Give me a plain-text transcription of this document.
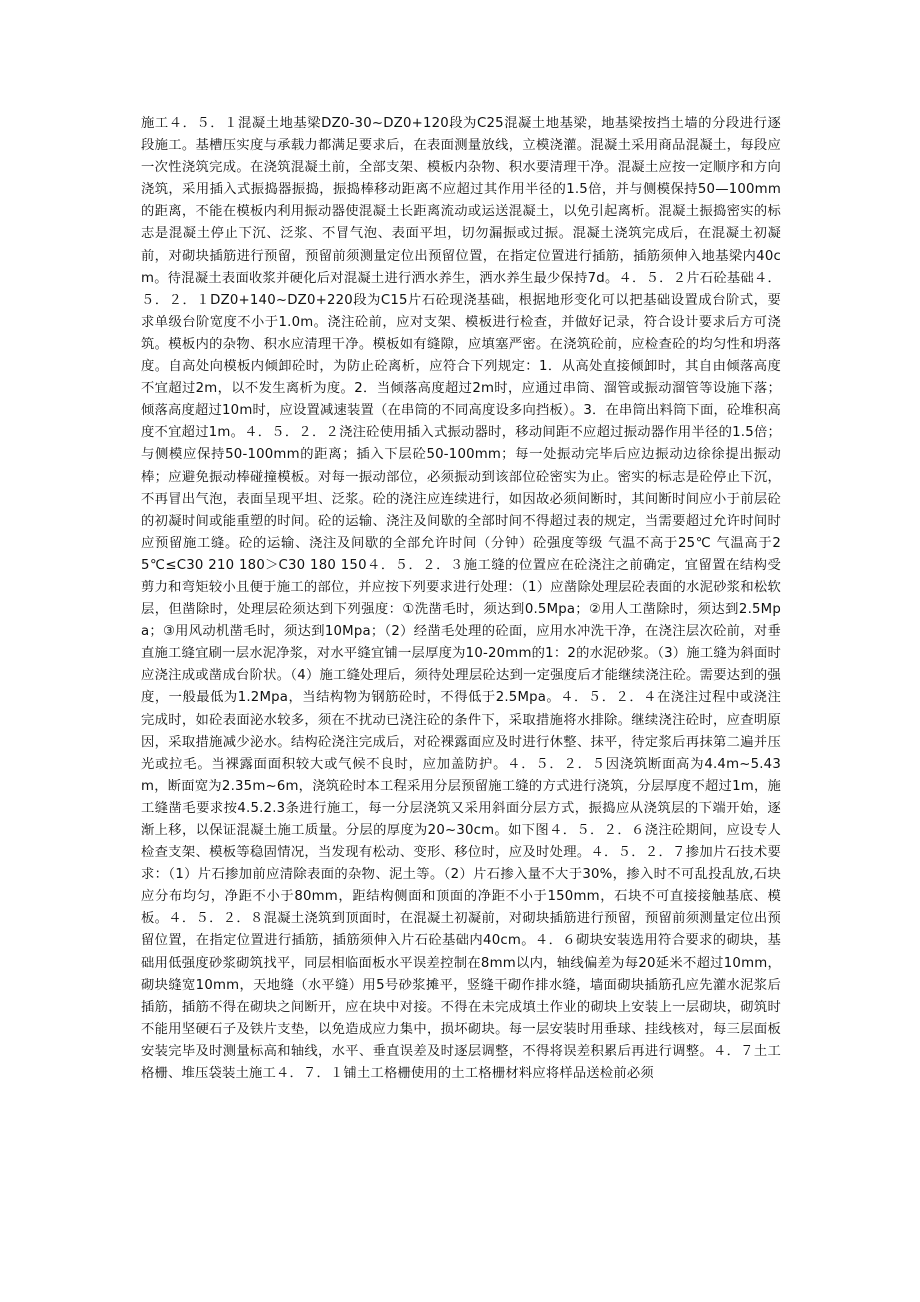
施工４．５．１混凝土地基梁DZ0-30~DZ0+120段为C25混凝土地基梁，地基梁按挡土墙的分段进行逐段施工。基槽压实度与承载力都满足要求后，在表面测量放线，立模浇灌。混凝土采用商品混凝土，每段应一次性浇筑完成。在浇筑混凝土前，全部支架、模板内杂物、积水要清理干净。混凝土应按一定顺序和方向浇筑，采用插入式振捣器振捣，振捣棒移动距离不应超过其作用半径的1.5倍，并与侧模保持50—100mm的距离，不能在模板内利用振动器使混凝土长距离流动或运送混凝土，以免引起离析。混凝土振捣密实的标志是混凝土停止下沉、泛浆、不冒气泡、表面平坦，切勿漏振或过振。混凝土浇筑完成后，在混凝土初凝前，对砌块插筋进行预留，预留前须测量定位出预留位置，在指定位置进行插筋，插筋须伸入地基梁内40cm。待混凝土表面收浆并硬化后对混凝土进行洒水养生，洒水养生最少保持7d。４．５．２片石砼基础４．５．２．１DZ0+140~DZ0+220段为C15片石砼现浇基础，根据地形变化可以把基础设置成台阶式，要求单级台阶宽度不小于1.0m。浇注砼前，应对支架、模板进行检查，并做好记录，符合设计要求后方可浇筑。模板内的杂物、积水应清理干净。模板如有缝隙，应填塞严密。在浇筑砼前，应检查砼的均匀性和坍落度。自高处向模板内倾卸砼时，为防止砼离析，应符合下列规定：1．从高处直接倾卸时，其自由倾落高度不宜超过2m，以不发生离析为度。2．当倾落高度超过2m时，应通过串筒、溜管或振动溜管等设施下落；倾落高度超过10m时，应设置减速装置（在串筒的不同高度设多向挡板）。3．在串筒出料筒下面，砼堆积高度不宜超过1m。４．５．２．２浇注砼使用插入式振动器时，移动间距不应超过振动器作用半径的1.5倍；与侧模应保持50-100mm的距离；插入下层砼50-100mm；每一处振动完毕后应边振动边徐徐提出振动棒；应避免振动棒碰撞模板。对每一振动部位，必须振动到该部位砼密实为止。密实的标志是砼停止下沉，不再冒出气泡，表面呈现平坦、泛浆。砼的浇注应连续进行，如因故必须间断时，其间断时间应小于前层砼的初凝时间或能重塑的时间。砼的运输、浇注及间歇的全部时间不得超过表的规定，当需要超过允许时间时应预留施工缝。砼的运输、浇注及间歇的全部允许时间（分钟）砼强度等级 气温不高于25℃ 气温高于25℃≤C30 210 180＞C30 180 150４．５．２．３施工缝的位置应在砼浇注之前确定，宜留置在结构受剪力和弯矩较小且便于施工的部位，并应按下列要求进行处理：（1）应凿除处理层砼表面的水泥砂浆和松软层，但凿除时，处理层砼须达到下列强度：①洗凿毛时，须达到0.5Mpa；②用人工凿除时，须达到2.5Mpa；③用风动机凿毛时，须达到10Mpa；（2）经凿毛处理的砼面，应用水冲洗干净，在浇注层次砼前，对垂直施工缝宜刷一层水泥净浆，对水平缝宜铺一层厚度为10-20mm的1：2的水泥砂浆。（3）施工缝为斜面时应浇注成或凿成台阶状。（4）施工缝处理后，须待处理层砼达到一定强度后才能继续浇注砼。需要达到的强度，一般最低为1.2Mpa，当结构物为钢筋砼时，不得低于2.5Mpa。４．５．２．４在浇注过程中或浇注完成时，如砼表面泌水较多，须在不扰动已浇注砼的条件下，采取措施将水排除。继续浇注砼时，应查明原因，采取措施减少泌水。结构砼浇注完成后，对砼裸露面应及时进行休整、抹平，待定浆后再抹第二遍并压光或拉毛。当裸露面面积较大或气候不良时，应加盖防护。４．５．２．５因浇筑断面高为4.4m~5.43m，断面宽为2.35m~6m，浇筑砼时本工程采用分层预留施工缝的方式进行浇筑，分层厚度不超过1m，施工缝凿毛要求按4.5.2.3条进行施工，每一分层浇筑又采用斜面分层方式，振捣应从浇筑层的下端开始，逐渐上移，以保证混凝土施工质量。分层的厚度为20~30cm。如下图４．５．２．６浇注砼期间，应设专人检查支架、模板等稳固情况，当发现有松动、变形、移位时，应及时处理。４．５．２．７掺加片石技术要求：（1）片石掺加前应清除表面的杂物、泥土等。（2）片石掺入量不大于30%，掺入时不可乱投乱放,石块应分布均匀，净距不小于80mm，距结构侧面和顶面的净距不小于150mm，石块不可直接接触基底、模板。４．５．２．８混凝土浇筑到顶面时，在混凝土初凝前，对砌块插筋进行预留，预留前须测量定位出预留位置，在指定位置进行插筋，插筋须伸入片石砼基础内40cm。４．６砌块安装选用符合要求的砌块，基础用低强度砂浆砌筑找平，同层相临面板水平误差控制在8mm以内，轴线偏差为每20延米不超过10mm，砌块缝宽10mm，天地缝（水平缝）用5号砂浆摊平，竖缝干砌作排水缝，墙面砌块插筋孔应先灌水泥浆后插筋，插筋不得在砌块之间断开，应在块中对接。不得在未完成填土作业的砌块上安装上一层砌块，砌筑时不能用坚硬石子及铁片支垫，以免造成应力集中，损坏砌块。每一层安装时用垂球、挂线核对，每三层面板安装完毕及时测量标高和轴线，水平、垂直误差及时逐层调整，不得将误差积累后再进行调整。４．７土工格栅、堆压袋装土施工４．７．１铺土工格栅使用的土工格栅材料应将样品送检前必须
